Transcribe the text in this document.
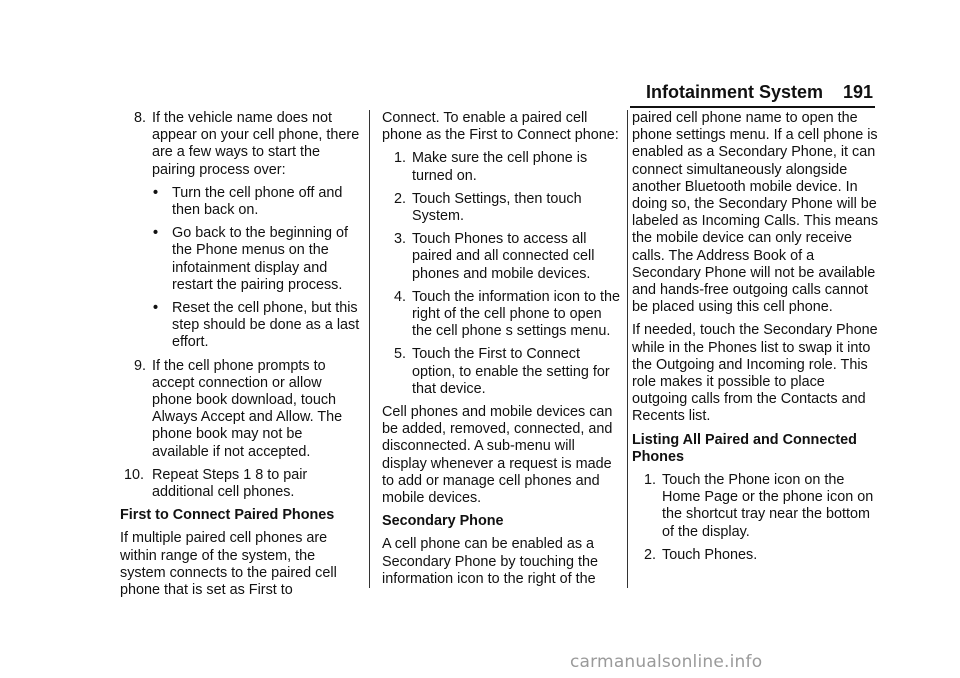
Infotainment System 191
8. If the vehicle name does not appear on your cell phone, there are a few ways to start the pairing process over:
• Turn the cell phone off and then back on.
• Go back to the beginning of the Phone menus on the infotainment display and restart the pairing process.
• Reset the cell phone, but this step should be done as a last effort.
9. If the cell phone prompts to accept connection or allow phone book download, touch Always Accept and Allow. The phone book may not be available if not accepted.
10. Repeat Steps 1 8 to pair additional cell phones.

First to Connect Paired Phones

If multiple paired cell phones are within range of the system, the system connects to the paired cell phone that is set as First to

Connect. To enable a paired cell phone as the First to Connect phone:

1. Make sure the cell phone is turned on.
2. Touch Settings, then touch System.
3. Touch Phones to access all paired and all connected cell phones and mobile devices.
4. Touch the information icon to the right of the cell phone to open the cell phone s settings menu.
5. Touch the First to Connect option, to enable the setting for that device.

Cell phones and mobile devices can be added, removed, connected, and disconnected. A sub-menu will display whenever a request is made to add or manage cell phones and mobile devices.

Secondary Phone

A cell phone can be enabled as a Secondary Phone by touching the information icon to the right of the

paired cell phone name to open the phone settings menu. If a cell phone is enabled as a Secondary Phone, it can connect simultaneously alongside another Bluetooth mobile device. In doing so, the Secondary Phone will be labeled as Incoming Calls. This means the mobile device can only receive calls. The Address Book of a Secondary Phone will not be available and hands-free outgoing calls cannot be placed using this cell phone.

If needed, touch the Secondary Phone while in the Phones list to swap it into the Outgoing and Incoming role. This role makes it possible to place outgoing calls from the Contacts and Recents list.

Listing All Paired and Connected Phones

1. Touch the Phone icon on the Home Page or the phone icon on the shortcut tray near the bottom of the display.
2. Touch Phones.
carmanualsonline.info
